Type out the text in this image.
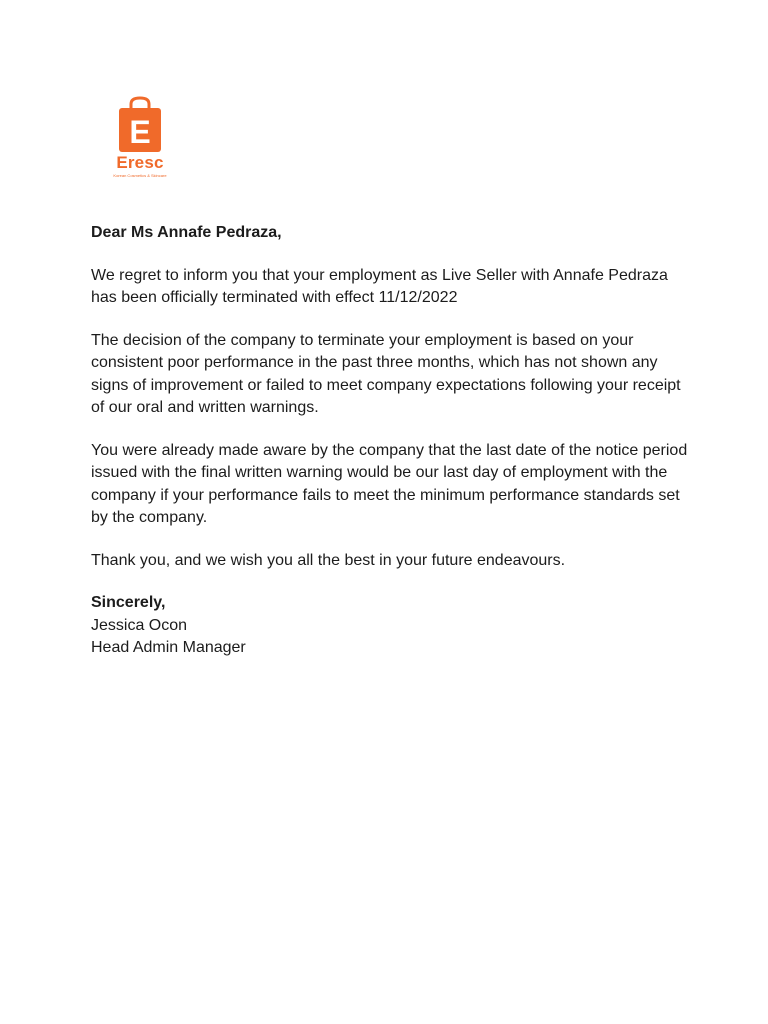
E
Eresc
Korean Cosmetics & Skincare

Dear Ms Annafe Pedraza,

We regret to inform you that your employment as Live Seller with Annafe Pedraza has been officially terminated with effect 11/12/2022

The decision of the company to terminate your employment is based on your consistent poor performance in the past three months, which has not shown any signs of improvement or failed to meet company expectations following your receipt of our oral and written warnings.

You were already made aware by the company that the last date of the notice period issued with the final written warning would be our last day of employment with the company if your performance fails to meet the minimum performance standards set by the company.

Thank you, and we wish you all the best in your future endeavours.

Sincerely,
Jessica Ocon
Head Admin Manager
